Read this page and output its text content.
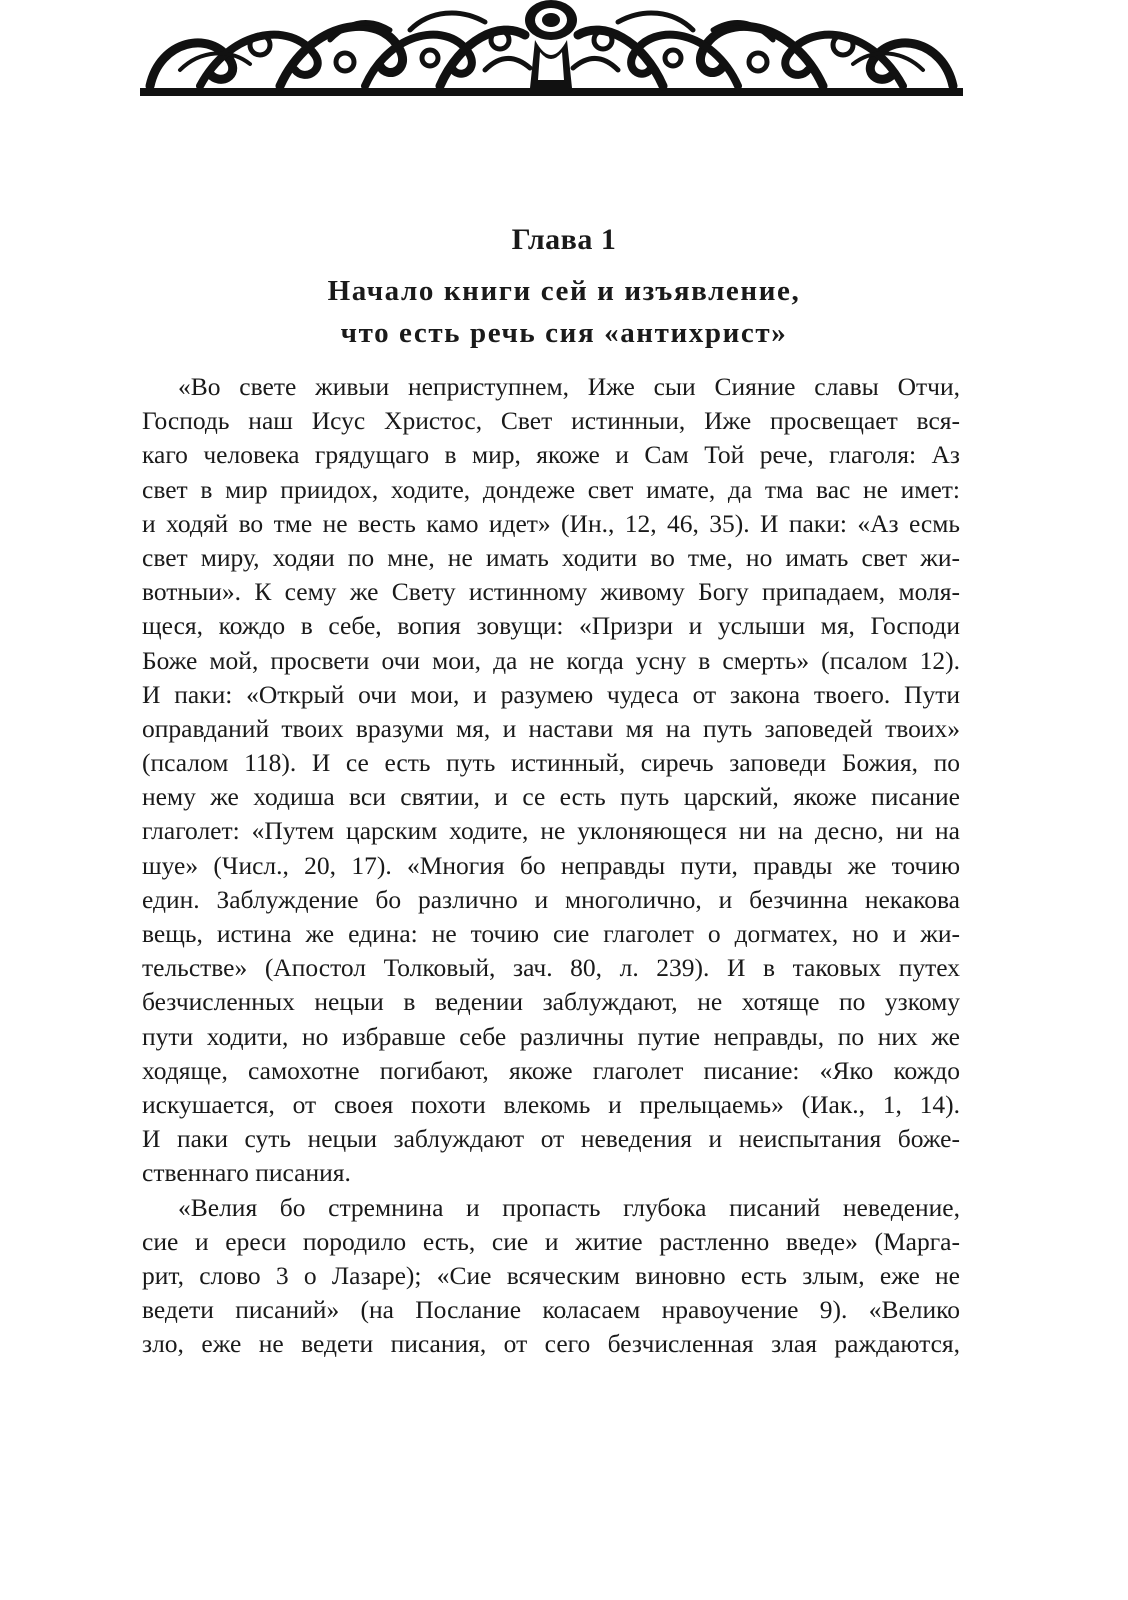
Глава 1
Начало книги сей и изъявление,
что есть речь сия «антихрист»
«Во свете живыи неприступнем, Иже сыи Сияние славы Отчи,
Господь наш Исус Христос, Свет истинныи, Иже просвещает вся-
каго человека грядущаго в мир, якоже и Сам Той рече, глаголя: Аз
свет в мир приидох, ходите, дондеже свет имате, да тма вас не имет:
и ходяй во тме не весть камо идет» (Ин., 12, 46, 35). И паки: «Аз есмь
свет миру, ходяи по мне, не имать ходити во тме, но имать свет жи-
вотныи». К сему же Свету истинному живому Богу припадаем, моля-
щеся, кождо в себе, вопия зовущи: «Призри и услыши мя, Господи
Боже мой, просвети очи мои, да не когда усну в смерть» (псалом 12).
И паки: «Открый очи мои, и разумею чудеса от закона твоего. Пути
оправданий твоих вразуми мя, и настави мя на путь заповедей твоих»
(псалом 118). И се есть путь истинный, сиречь заповеди Божия, по
нему же ходиша вси святии, и се есть путь царский, якоже писание
глаголет: «Путем царским ходите, не уклоняющеся ни на десно, ни на
шуе» (Числ., 20, 17). «Многия бо неправды пути, правды же точию
един. Заблуждение бо различно и многолично, и безчинна некакова
вещь, истина же едина: не точию сие глаголет о догматех, но и жи-
тельстве» (Апостол Толковый, зач. 80, л. 239). И в таковых путех
безчисленных нецыи в ведении заблуждают, не хотяще по узкому
пути ходити, но избравше себе различны путие неправды, по них же
ходяще, самохотне погибают, якоже глаголет писание: «Яко кождо
искушается, от своея похоти влекомь и прелыцаемь» (Иак., 1, 14).
И паки суть нецыи заблуждают от неведения и неиспытания боже-
ственнаго писания.
«Велия бо стремнина и пропасть глубока писаний неведение,
сие и ереси породило есть, сие и житие растленно введе» (Марга-
рит, слово 3 о Лазаре); «Сие всяческим виновно есть злым, еже не
ведети писаний» (на Послание коласаем нравоучение 9). «Велико
зло, еже не ведети писания, от сего безчисленная злая раждаются,
